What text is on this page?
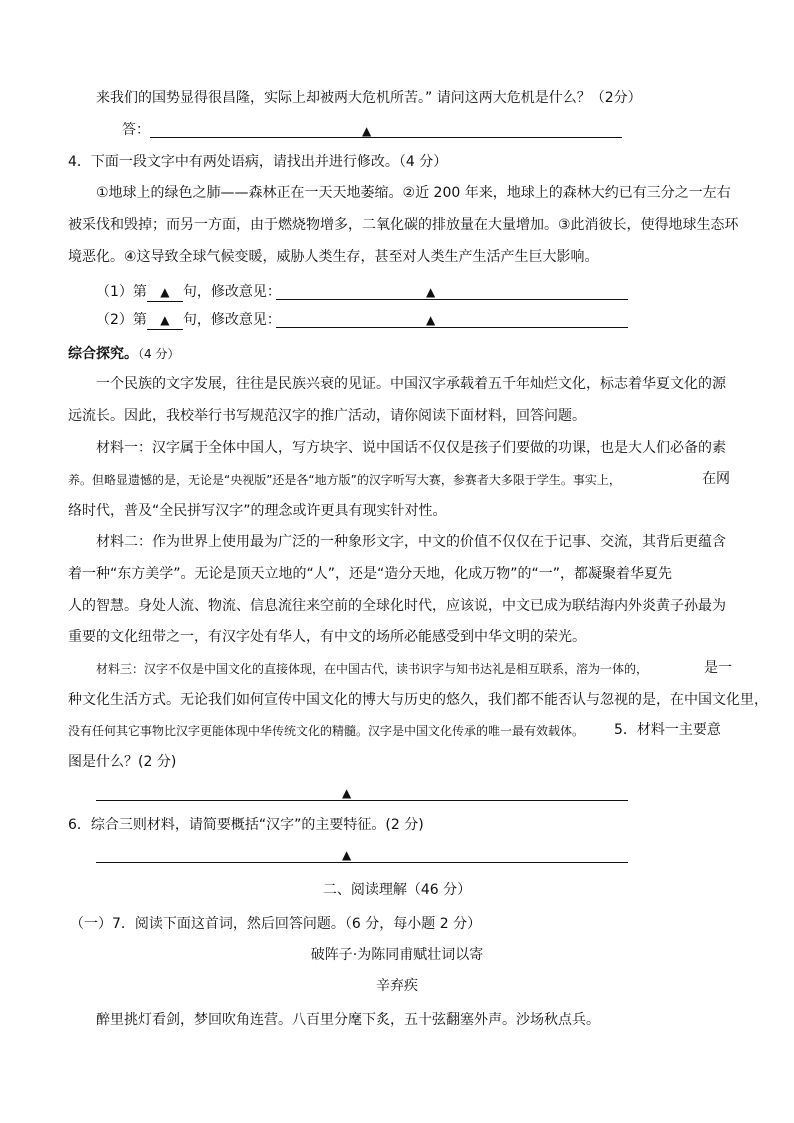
来我们的国势显得很昌隆，实际上却被两大危机所苦。” 请问这两大危机是什么？（2分）
答：	▲
4．下面一段文字中有两处语病，请找出并进行修改。（4 分）
①地球上的绿色之肺——森林正在一天天地萎缩。②近 200 年来，地球上的森林大约已有三分之一左右
被采伐和毁掉；而另一方面，由于燃烧物增多，二氧化碳的排放量在大量增加。③此消彼长，使得地球生态环
境恶化。④这导致全球气候变暖，威胁人类生存，甚至对人类生产生活产生巨大影响。
（1）第 ▲ 句，修改意见：	▲
（2）第 ▲ 句，修改意见：	▲
综合探究。（4 分）
一个民族的文字发展，往往是民族兴衰的见证。中国汉字承载着五千年灿烂文化，标志着华夏文化的源
远流长。因此，我校举行书写规范汉字的推广活动，请你阅读下面材料，回答问题。
材料一：汉字属于全体中国人，写方块字、说中国话不仅仅是孩子们要做的功课，也是大人们必备的素
养。但略显遗憾的是，无论是“央视版”还是各“地方版”的汉字听写大赛，参赛者大多限于学生。事实上，	在网
络时代，普及“全民拼写汉字”的理念或许更具有现实针对性。
材料二：作为世界上使用最为广泛的一种象形文字，中文的价值不仅仅在于记事、交流，其背后更蕴含
着一种“东方美学”。无论是顶天立地的“人”，还是“造分天地，化成万物”的“一”，都凝聚着华夏先
人的智慧。身处人流、物流、信息流往来空前的全球化时代，应该说，中文已成为联结海内外炎黄子孙最为
重要的文化纽带之一，有汉字处有华人，有中文的场所必能感受到中华文明的荣光。
材料三：汉字不仅是中国文化的直接体现，在中国古代，读书识字与知书达礼是相互联系，溶为一体的，	是一
种文化生活方式。无论我们如何宣传中国文化的博大与历史的悠久，我们都不能否认与忽视的是，在中国文化里，
没有任何其它事物比汉字更能体现中华传统文化的精髓。汉字是中国文化传承的唯一最有效载体。 5．材料一主要意
图是什么？(2 分)
▲
6．综合三则材料，请简要概括“汉字”的主要特征。(2 分)
▲
二、阅读理解（46 分）
（一）7．阅读下面这首词，然后回答问题。（6 分，每小题 2 分）
破阵子·为陈同甫赋壮词以寄
辛弃疾
醉里挑灯看剑，梦回吹角连营。八百里分麾下炙，五十弦翻塞外声。沙场秋点兵。
